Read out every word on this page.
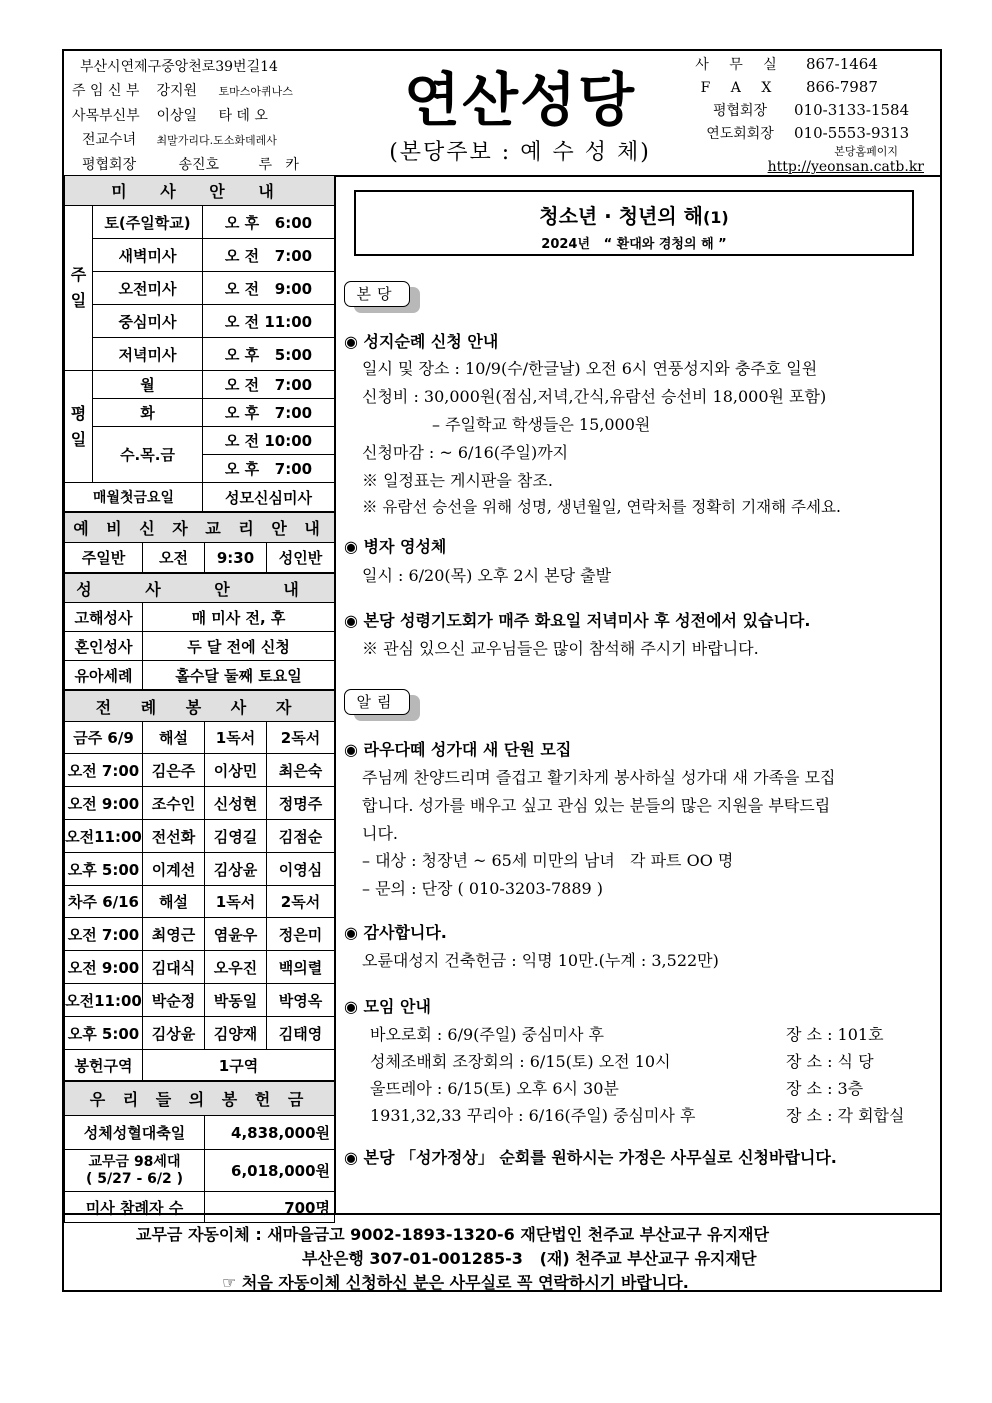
부산시연제구중앙천로39번길14
주 임 신 부 강지원 토마스아퀴나스
사목부신부 이상일 타 데 오
전교수녀 최말가리다.도소화데레사
평협회장	송진호	루   카
연산성당
(본당주보 : 예 수 성 체)
사 무 실 867-1464
F A X 866-7987
평협회장 010-3133-1584
연도회회장 010-5553-9313
본당홈페이지
http://yeonsan.catb.kr
미 사 안 내		
주일	토(주일학교)	오 후   6:00
	새벽미사	오 전   7:00
	오전미사	오 전   9:00
	중심미사	오 전 11:00
	저녁미사	오 후   5:00
평일	월	오 전   7:00
	화	오 후   7:00
	수.목.금	오 전 10:00
		오 후   7:00
매월첫금요일		성모신심미사
예 비 신 자 교 리 안 내
주일반	오전	9:30	성인반
성 사 안 내	
고해성사	매 미사 전, 후
혼인성사	두 달 전에 신청
유아세례	홀수달 둘째 토요일
전 례 봉 사 자			
금주 6/9	해설	1독서	2독서
오전 7:00	김은주	이상민	최은숙
오전 9:00	조수인	신성현	정명주
오전11:00	전선화	김영길	김점순
오후 5:00	이계선	김상윤	이영심
차주 6/16	해설	1독서	2독서
오전 7:00	최영근	염윤우	정은미
오전 9:00	김대식	오우진	백의렬
오전11:00	박순정	박동일	박영옥
오후 5:00	김상윤	김양재	김태영
봉헌구역	1구역		
우 리 들 의 봉 헌 금	
성체성혈대축일	4,838,000원

교무금 98세대
( 5/27 - 6/2 )	6,018,000원
미사 참례자 수	700명
청소년 · 청년의 해(1)
2024년   “ 환대와 경청의 해 ”
본당
◉ 성지순례 신청 안내
일시 및 장소 : 10/9(수/한글날) 오전 6시 연풍성지와 충주호 일원
신청비 : 30,000원(점심,저녁,간식,유람선 승선비 18,000원 포함)
– 주일학교 학생들은 15,000원
신청마감 : ~ 6/16(주일)까지
※ 일정표는 게시판을 참조.
※ 유람선 승선을 위해 성명, 생년월일, 연락처를 정확히 기재해 주세요.
◉ 병자 영성체
일시 : 6/20(목) 오후 2시 본당 출발
◉ 본당 성령기도회가 매주 화요일 저녁미사 후 성전에서 있습니다.
※ 관심 있으신 교우님들은 많이 참석해 주시기 바랍니다.
알림
◉ 라우다떼 성가대 새 단원 모집
주님께 찬양드리며 즐겁고 활기차게 봉사하실 성가대 새 가족을 모집
합니다. 성가를 배우고 싶고 관심 있는 분들의 많은 지원을 부탁드립
니다.
– 대상 : 청장년 ~ 65세 미만의 남녀   각 파트 OO 명
– 문의 : 단장 ( 010-3203-7889 )
◉ 감사합니다.
오륜대성지 건축헌금 : 익명 10만.(누계 : 3,522만)
◉ 모임 안내
바오로회 : 6/9(주일) 중심미사 후	장 소 : 101호
성체조배회 조장회의 : 6/15(토) 오전 10시	장 소 : 식 당
울뜨레아 : 6/15(토) 오후 6시 30분	장 소 : 3층
1931,32,33 꾸리아 : 6/16(주일) 중심미사 후	장 소 : 각 회합실
◉ 본당 「성가정상」 순회를 원하시는 가정은 사무실로 신청바랍니다.
교무금 자동이체 : 새마을금고 9002-1893-1320-6 재단법인 천주교 부산교구 유지재단
부산은행 307-01-001285-3   (재) 천주교 부산교구 유지재단
☞ 처음 자동이체 신청하신 분은 사무실로 꼭 연락하시기 바랍니다.
